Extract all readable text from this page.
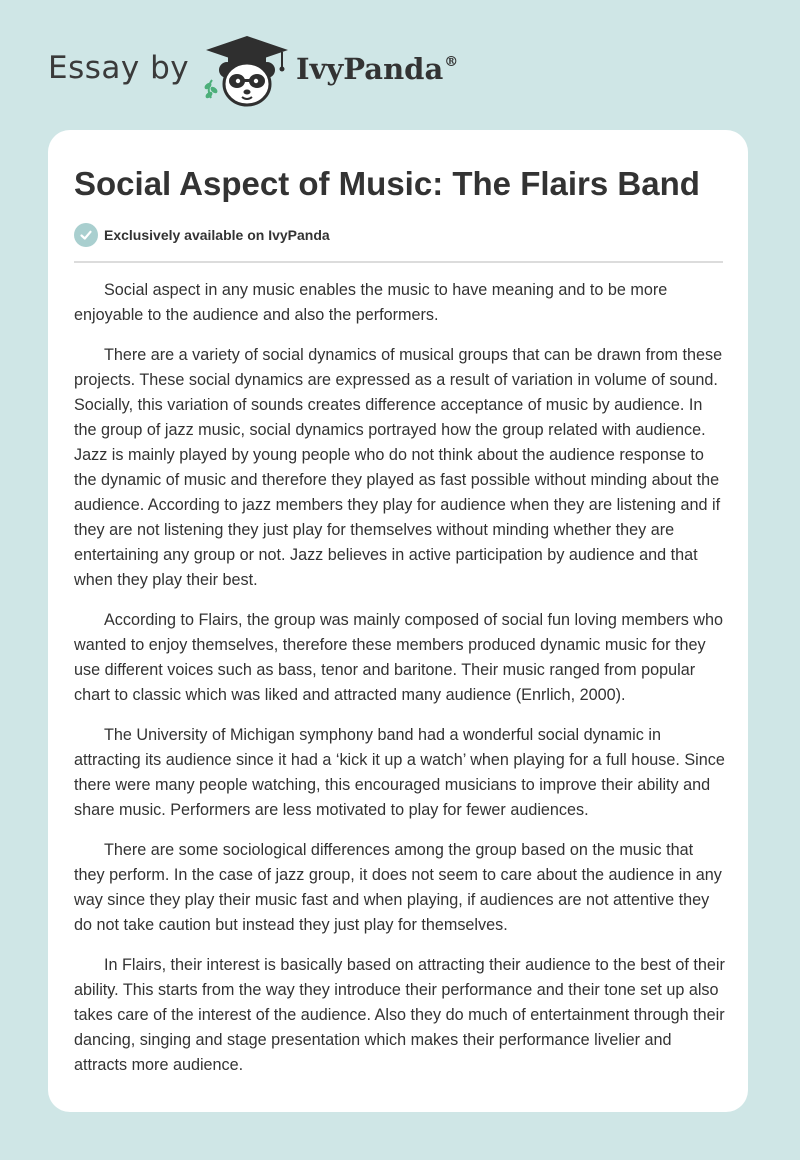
Essay by	IvyPanda®
Social Aspect of Music: The Flairs Band
Exclusively available on IvyPanda

Social aspect in any music enables the music to have meaning and to be more enjoyable to the audience and also the performers.

There are a variety of social dynamics of musical groups that can be drawn from these projects. These social dynamics are expressed as a result of variation in volume of sound. Socially, this variation of sounds creates difference acceptance of music by audience. In the group of jazz music, social dynamics portrayed how the group related with audience. Jazz is mainly played by young people who do not think about the audience response to the dynamic of music and therefore they played as fast possible without minding about the audience. According to jazz members they play for audience when they are listening and if they are not listening they just play for themselves without minding whether they are entertaining any group or not. Jazz believes in active participation by audience and that when they play their best.

According to Flairs, the group was mainly composed of social fun loving members who wanted to enjoy themselves, therefore these members produced dynamic music for they use different voices such as bass, tenor and baritone. Their music ranged from popular chart to classic which was liked and attracted many audience (Enrlich, 2000).

The University of Michigan symphony band had a wonderful social dynamic in attracting its audience since it had a ‘kick it up a watch’ when playing for a full house. Since there were many people watching, this encouraged musicians to improve their ability and share music. Performers are less motivated to play for fewer audiences.

There are some sociological differences among the group based on the music that they perform. In the case of jazz group, it does not seem to care about the audience in any way since they play their music fast and when playing, if audiences are not attentive they do not take caution but instead they just play for themselves.

In Flairs, their interest is basically based on attracting their audience to the best of their ability. This starts from the way they introduce their performance and their tone set up also takes care of the interest of the audience. Also they do much of entertainment through their dancing, singing and stage presentation which makes their performance livelier and attracts more audience.
